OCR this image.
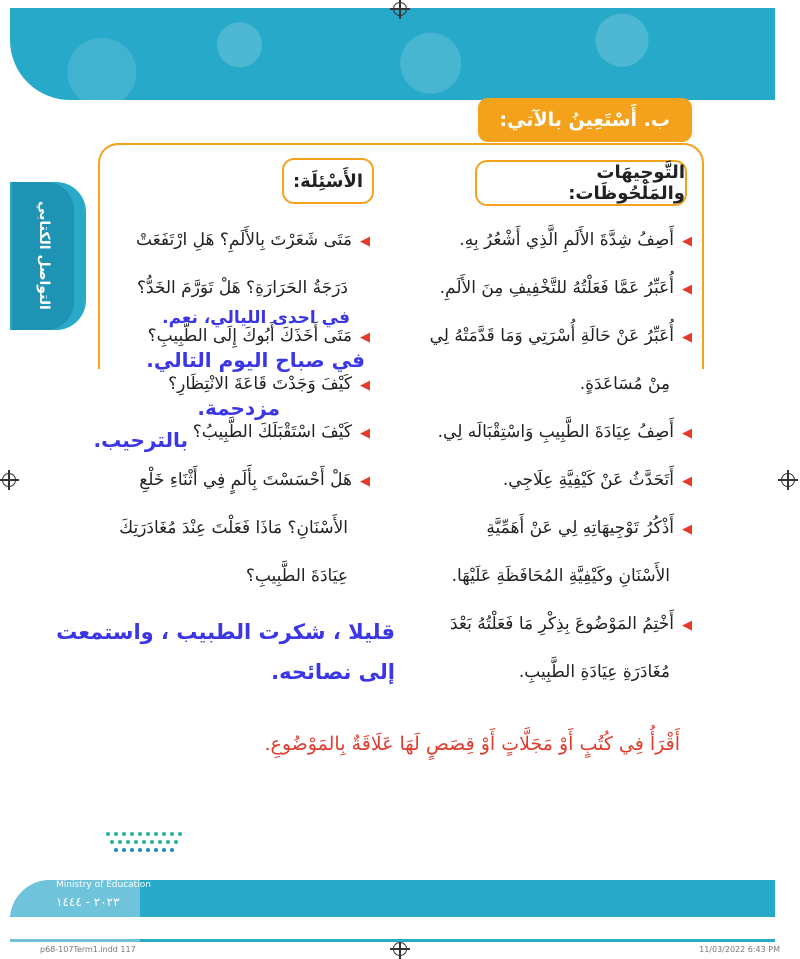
التواصل الكتابي
ب. أَسْتَعِينُ بالآتي:
التَّوجِيهَات والمَلْحُوظَات:
الأَسْئِلَة:
◀أَصِفُ شِدَّةَ الأَلَمِ الَّذِي أَشْعُرُ بِهِ.
◀أُعَبِّرُ عَمَّا فَعَلْتُهُ للتَّخْفِيفِ مِنَ الأَلَمِ.
◀أُعَبِّرُ عَنْ حَالَةِ أُسْرَتِي وَمَا قَدَّمَتْهُ لِي
مِنْ مُسَاعَدَةٍ.
◀أَصِفُ عِيَادَةَ الطَّبِيبِ وَاسْتِقْبَالَه لِي.
◀أَتَحَدَّثُ عَنْ كَيْفِيَّةِ عِلَاجِي.
◀أَذْكُرُ تَوْجِيهَاتِهِ لِي عَنْ أَهَمِّيَّةِ
الأَسْنَانِ وكَيْفِيَّةِ المُحَافَظَةِ عَلَيْهَا.
◀أَخْتِمُ المَوْضُوعَ بِذِكْرِ مَا فَعَلْتُهُ بَعْدَ
مُغَادَرَةِ عِيَادَةِ الطَّبِيبِ.
◀مَتَى شَعَرْتَ بِالأَلَمِ؟ هَلِ ارْتَفَعَتْ
دَرَجَةُ الحَرَارَةِ؟ هَلْ تَوَرَّمَ الخَدُّ؟
◀مَتَى أَخَذَكَ أَبُوكَ إِلَى الطَّبِيبِ؟
◀كَيْفَ وَجَدْتَ قَاعَةَ الانْتِظَارِ؟
◀كَيْفَ اسْتَقْبَلَكَ الطَّبِيبُ؟
◀هَلْ أَحْسَسْتَ بِأَلَمٍ فِي أَثْنَاءِ خَلْعِ
الأَسْنَانِ؟ مَاذَا فَعَلْتَ عِنْدَ مُغَادَرَتِكَ
عِيَادَةَ الطَّبِيبِ؟
في احدى الليالي، نعم.
في صباح اليوم التالي.
مزدحمة.
بالترحيب.
قليلا ، شكرت الطبيب ، واستمعت
إلى نصائحه.
أَقْرَأُ فِي كُتُبٍ أَوْ مَجَلَّاتٍ أَوْ قِصَصٍ لَهَا عَلَاقَةٌ بِالمَوْضُوعِ.
وزارة التعليم
Ministry of Education
٢٠٢٣ - ١٤٤٤
p68-107Term1.indd 117	11/03/2022 6:43 PM
